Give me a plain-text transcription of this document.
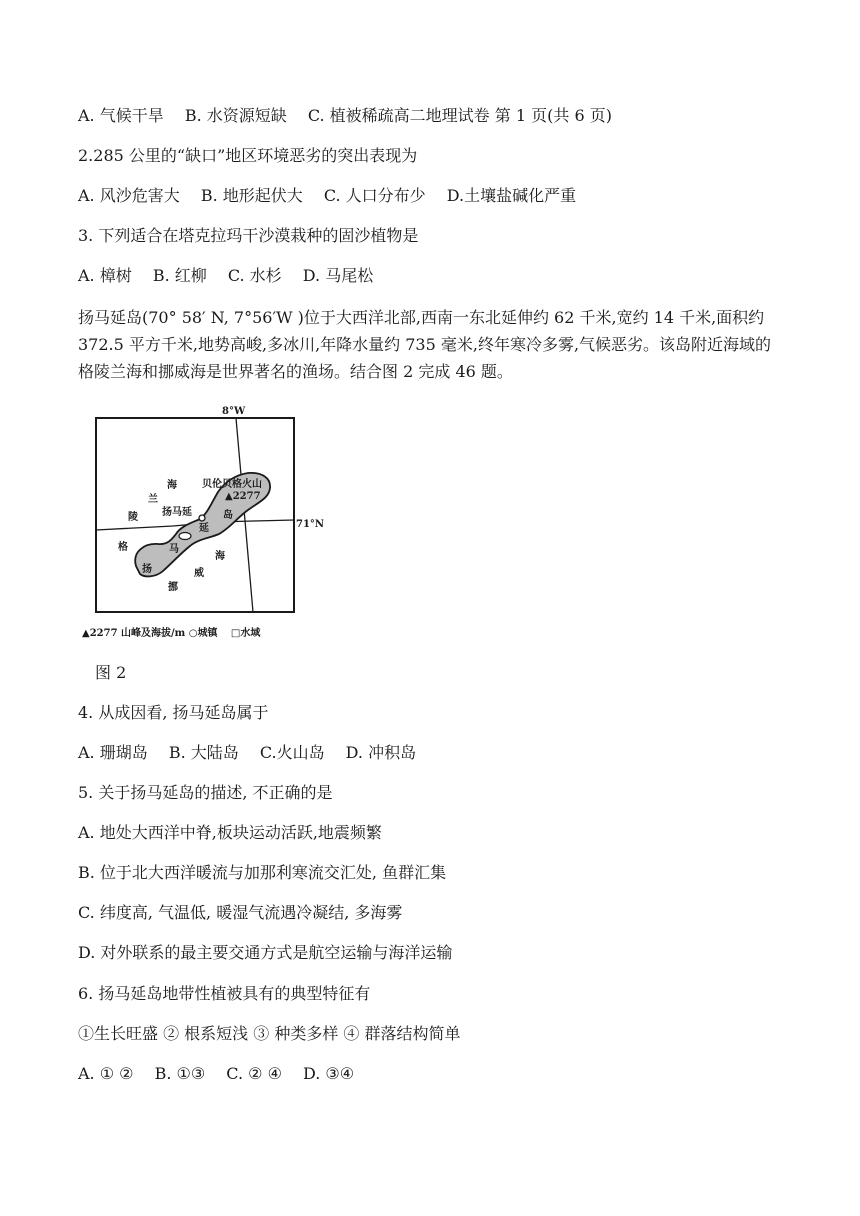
A. 气候干旱　 B. 水资源短缺　 C. 植被稀疏高二地理试卷 第 1 页(共 6 页)
2.285 公里的“缺口”地区环境恶劣的突出表现为
A. 风沙危害大　 B. 地形起伏大　 C. 人口分布少　 D.土壤盐碱化严重
3. 下列适合在塔克拉玛干沙漠栽种的固沙植物是
A. 樟树　 B. 红柳　 C. 水杉　 D. 马尾松
扬马延岛(70° 58′ N, 7°56′W )位于大西洋北部,西南一东北延伸约 62 千米,宽约 14 千米,面积约 372.5 平方千米,地势高峻,多冰川,年降水量约 735 毫米,终年寒冷多雾,气候恶劣。该岛附近海域的格陵兰海和挪威海是世界著名的渔场。结合图 2 完成 46 题。
8°W
71°N
▲2277
贝伦贝格火山
扬马延
延
岛
扬
马
海
兰
陵
格
挪
威
海
▲2277 山峰及海拔/m ○城镇　 □水域
图 2
4. 从成因看, 扬马延岛属于
A. 珊瑚岛　 B. 大陆岛　 C.火山岛　 D. 冲积岛
5. 关于扬马延岛的描述, 不正确的是
A. 地处大西洋中脊,板块运动活跃,地震频繁
B. 位于北大西洋暖流与加那利寒流交汇处, 鱼群汇集
C. 纬度高, 气温低, 暖湿气流遇冷凝结, 多海雾
D. 对外联系的最主要交通方式是航空运输与海洋运输
6. 扬马延岛地带性植被具有的典型特征有
①生长旺盛 ② 根系短浅 ③ 种类多样 ④ 群落结构简单
A. ① ②　 B. ①③　 C. ② ④　 D. ③④
